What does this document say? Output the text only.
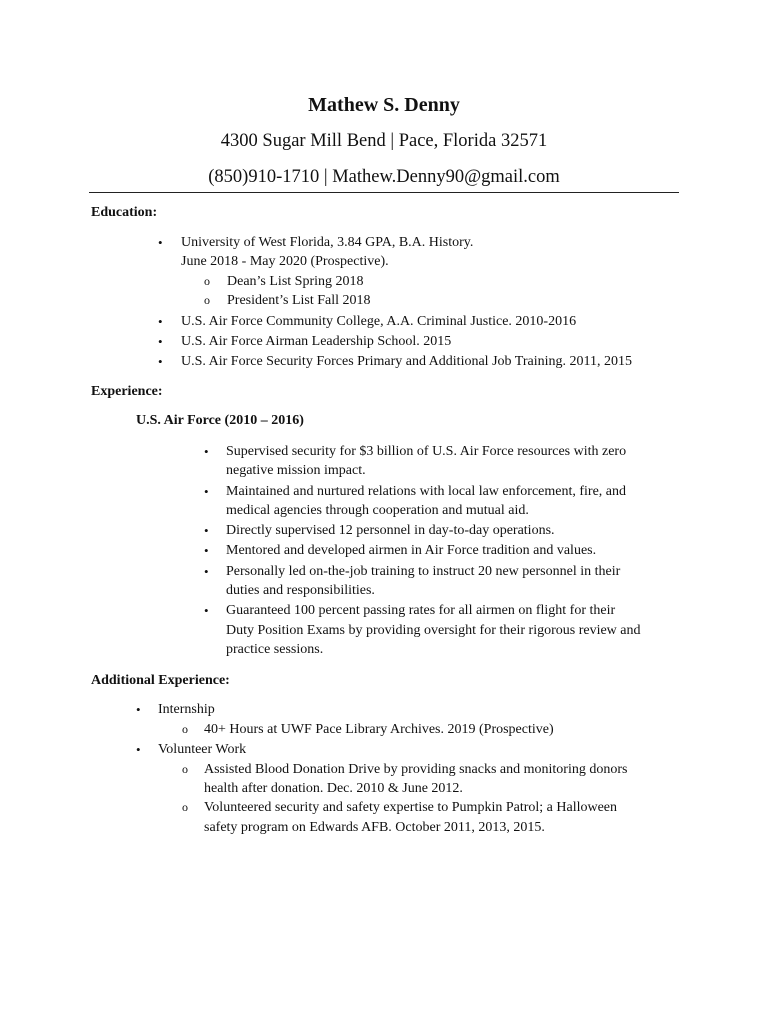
Mathew S. Denny
4300 Sugar Mill Bend | Pace, Florida 32571
(850)910-1710 | Mathew.Denny90@gmail.com
Education:
• University of West Florida, 3.84 GPA, B.A. History.
June 2018 - May 2020 (Prospective).
o Dean’s List Spring 2018
o President’s List Fall 2018
• U.S. Air Force Community College, A.A. Criminal Justice. 2010-2016
• U.S. Air Force Airman Leadership School. 2015
• U.S. Air Force Security Forces Primary and Additional Job Training. 2011, 2015
Experience:
U.S. Air Force (2010 – 2016)
• Supervised security for $3 billion of U.S. Air Force resources with zero
negative mission impact.
• Maintained and nurtured relations with local law enforcement, fire, and
medical agencies through cooperation and mutual aid.
• Directly supervised 12 personnel in day-to-day operations.
• Mentored and developed airmen in Air Force tradition and values.
• Personally led on-the-job training to instruct 20 new personnel in their
duties and responsibilities.
• Guaranteed 100 percent passing rates for all airmen on flight for their
Duty Position Exams by providing oversight for their rigorous review and
practice sessions.
Additional Experience:
• Internship
o 40+ Hours at UWF Pace Library Archives. 2019 (Prospective)
• Volunteer Work
o Assisted Blood Donation Drive by providing snacks and monitoring donors
health after donation. Dec. 2010 & June 2012.
o Volunteered security and safety expertise to Pumpkin Patrol; a Halloween
safety program on Edwards AFB. October 2011, 2013, 2015.
